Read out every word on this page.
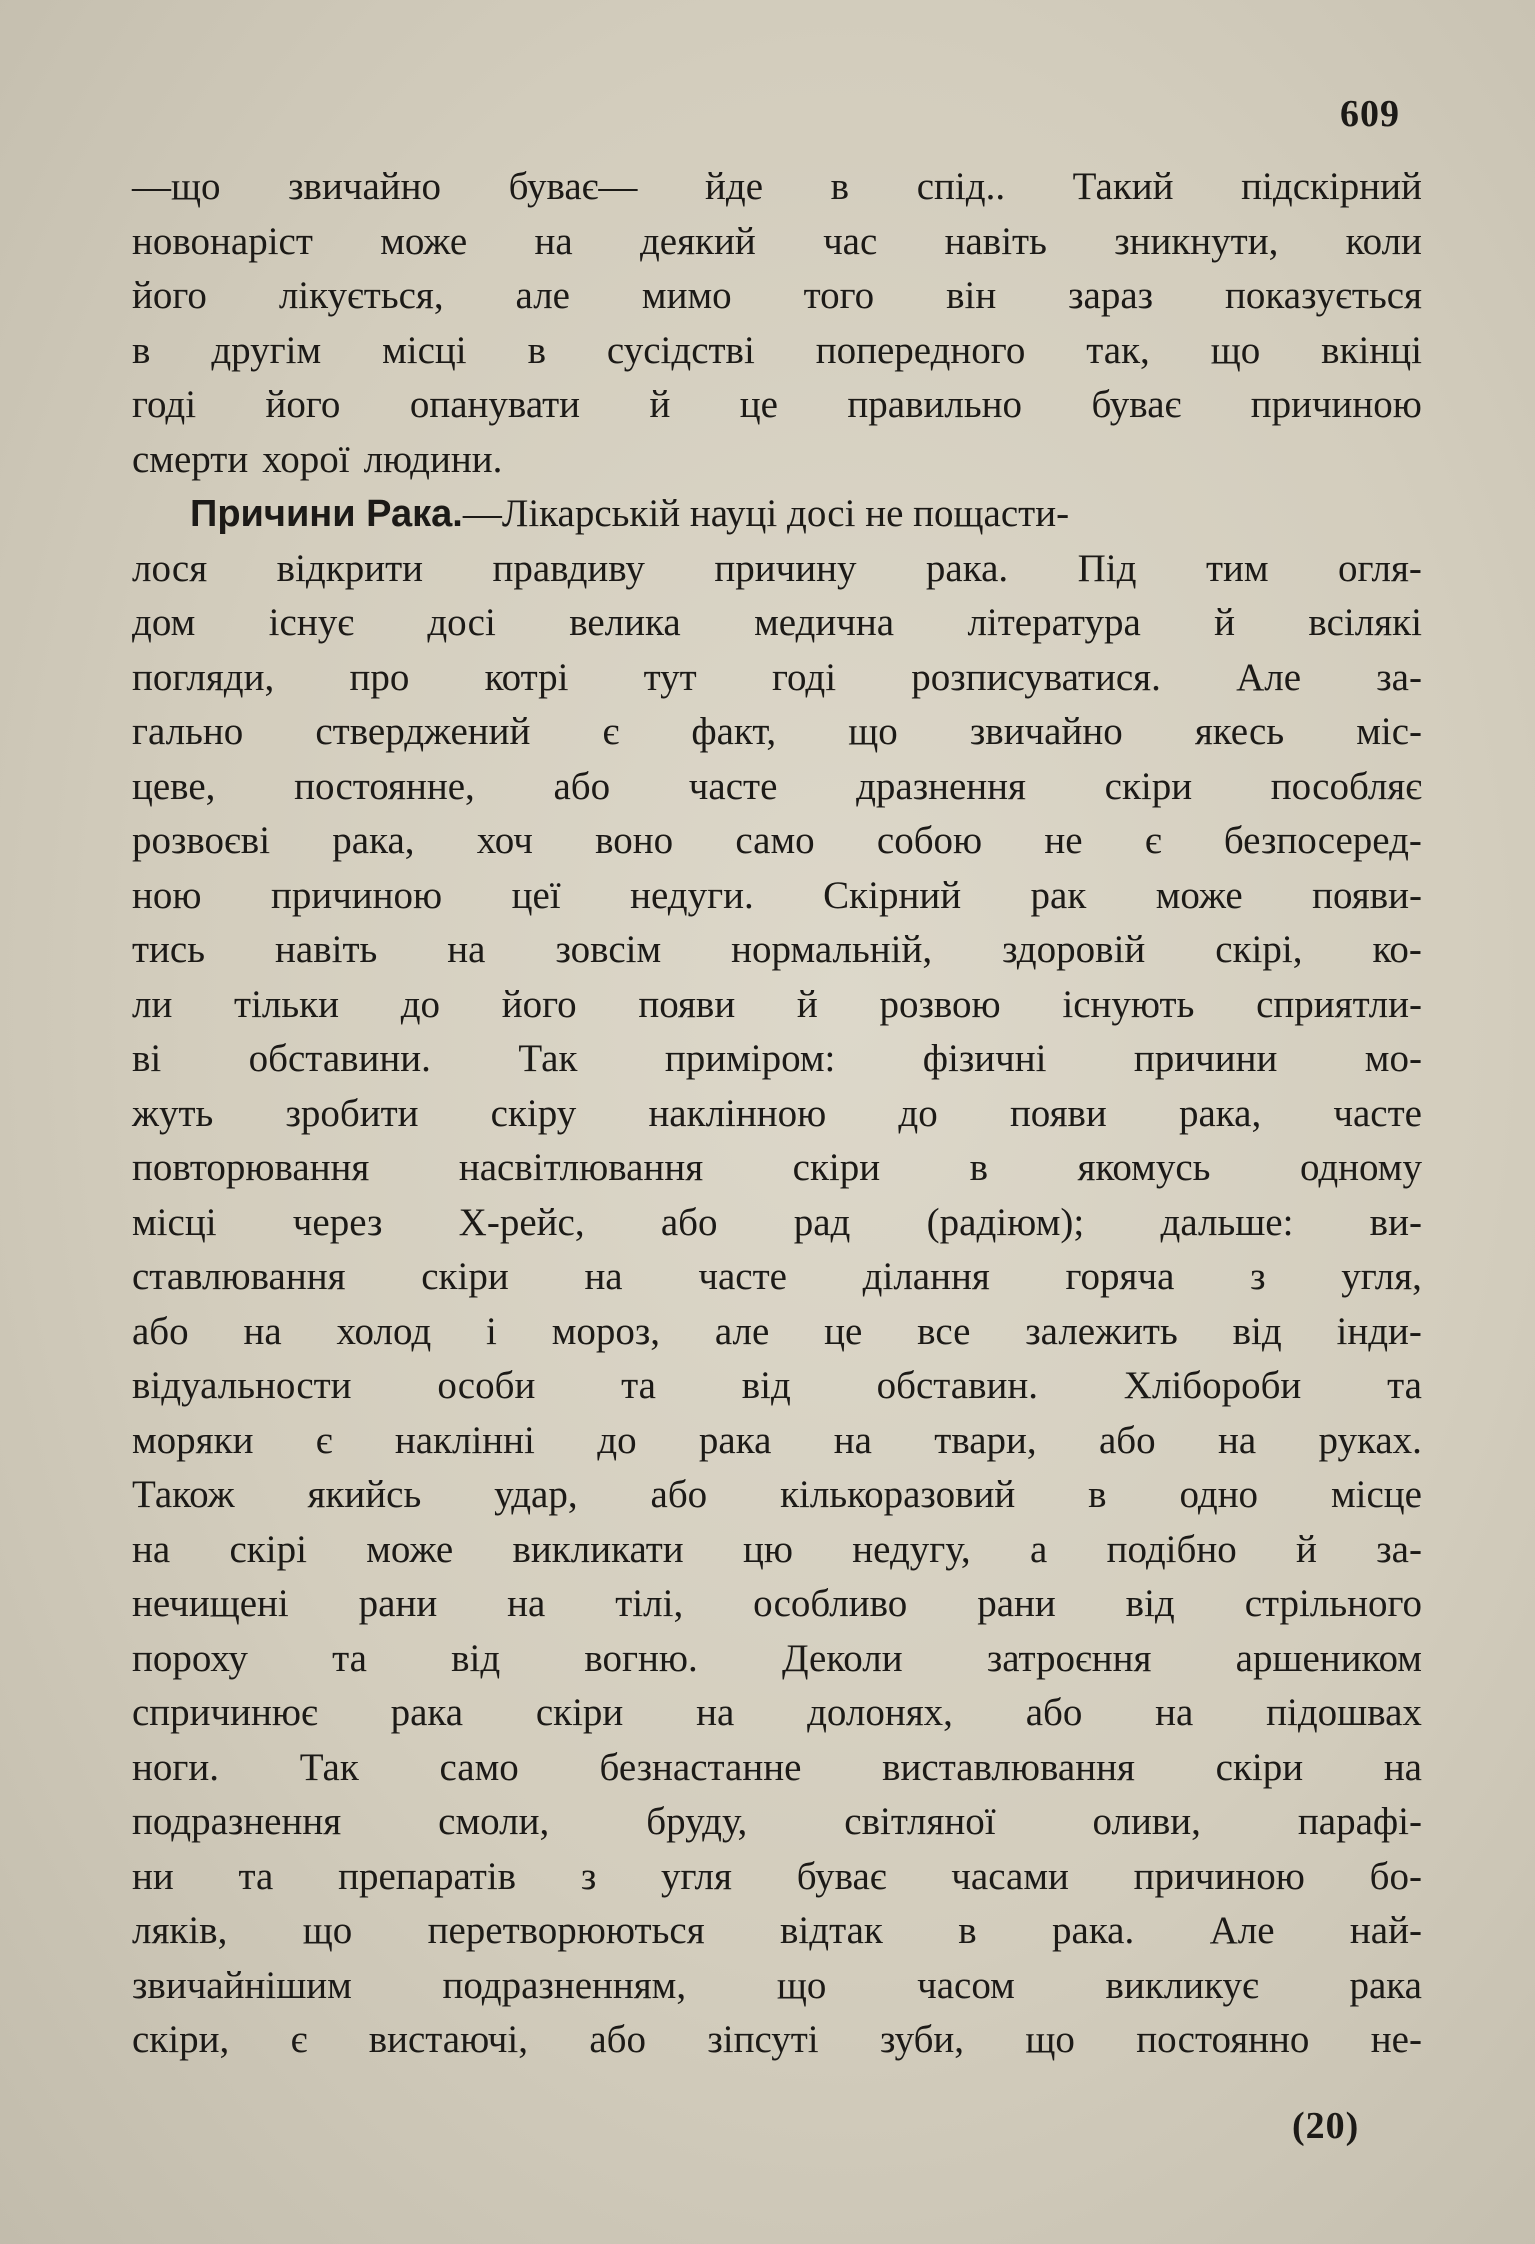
609
—що звичайно буває— йде в спід.. Такий підскірний
новонаріст може на деякий час навіть зникнути, коли
його лікується, але мимо того він зараз показується
в другім місці в сусідстві попередного так, що вкінці
годі його опанувати й це правильно буває причиною
смерти хорої людини.
Причини Рака.—Лікарській науці досі не пощасти-
лося відкрити правдиву причину рака. Під тим огля-
дом існує досі велика медична література й всілякі
погляди, про котрі тут годі розписуватися. Але за-
гально стверджений є факт, що звичайно якесь міс-
цеве, постоянне, або часте дразнення скіри пособляє
розвоєві рака, хоч воно само собою не є безпосеред-
ною причиною цеї недуги. Скірний рак може появи-
тись навіть на зовсім нормальній, здоровій скірі, ко-
ли тільки до його появи й розвою існують сприятли-
ві обставини. Так приміром: фізичні причини мо-
жуть зробити скіру наклінною до появи рака, часте
повторювання насвітлювання скіри в якомусь одному
місці через Х-рейс, або рад (радіюм); дальше: ви-
ставлювання скіри на часте ділання горяча з угля,
або на холод і мороз, але це все залежить від інди-
відуальности особи та від обставин. Хлібороби та
моряки є наклінні до рака на твари, або на руках.
Також якийсь удар, або кількоразовий в одно місце
на скірі може викликати цю недугу, а подібно й за-
нечищені рани на тілі, особливо рани від стрільного
пороху та від вогню. Деколи затроєння аршеником
спричинює рака скіри на долонях, або на підошвах
ноги. Так само безнастанне виставлювання скіри на
подразнення смоли, бруду, світляної оливи, парафі-
ни та препаратів з угля буває часами причиною бо-
ляків, що перетворюються відтак в рака. Але най-
звичайнішим подразненням, що часом викликує рака
скіри, є вистаючі, або зіпсуті зуби, що постоянно не-
(20)
